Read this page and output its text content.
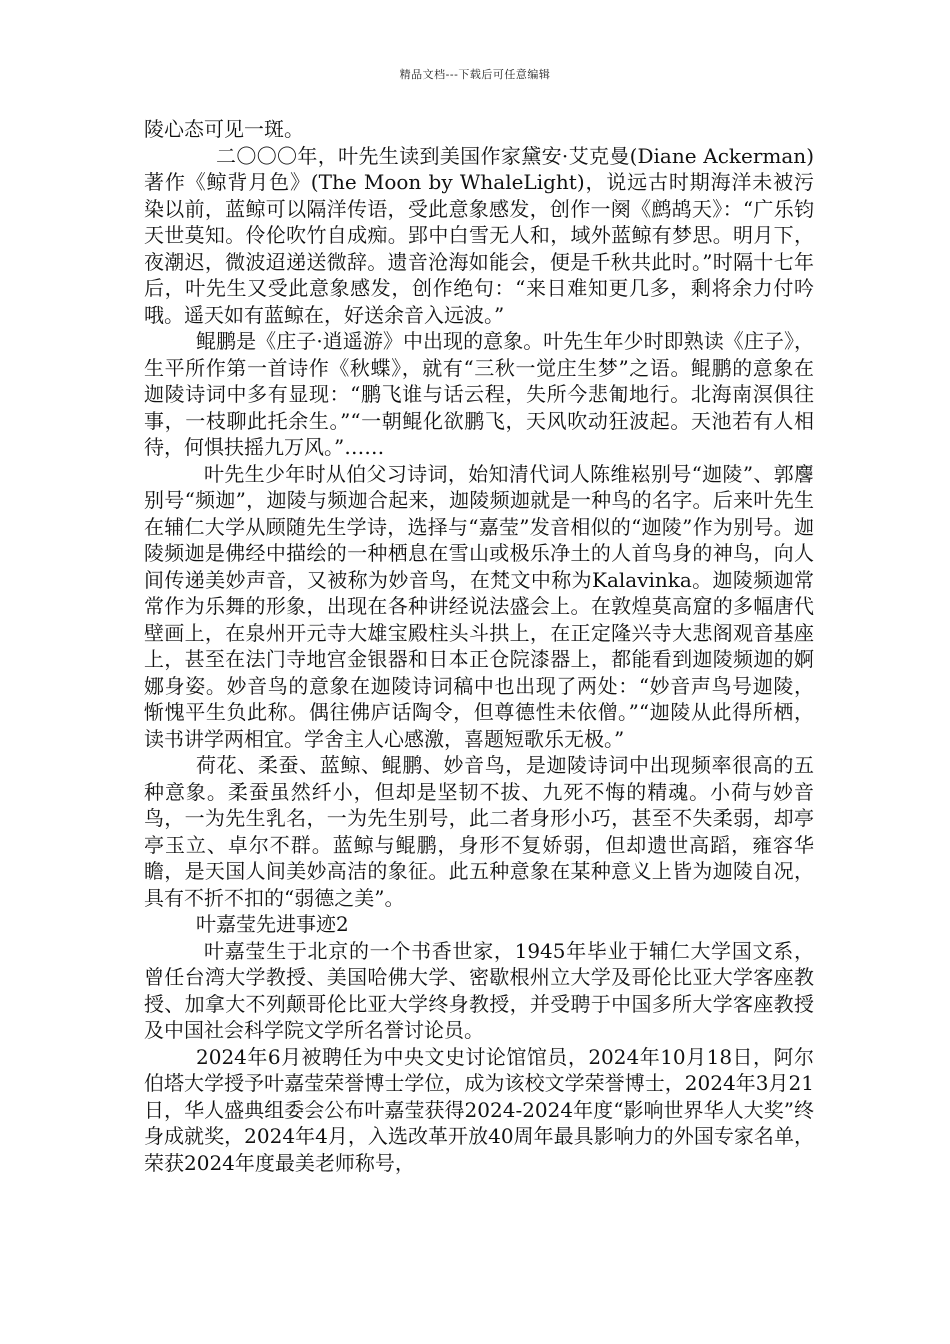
精品文档---下载后可任意编辑

陵心态可见一斑。

二〇〇〇年，叶先生读到美国作家黛安·艾克曼(Diane Ackerman)著作《鲸背月色》(The Moon by WhaleLight)，说远古时期海洋未被污染以前，蓝鲸可以隔洋传语，受此意象感发，创作一阕《鹧鸪天》：“广乐钧天世莫知。伶伦吹竹自成痴。郢中白雪无人和，域外蓝鲸有梦思。明月下，夜潮迟，微波迢递送微辞。遗音沧海如能会，便是千秋共此时。”时隔十七年后，叶先生又受此意象感发，创作绝句：“来日难知更几多，剩将余力付吟哦。遥天如有蓝鲸在，好送余音入远波。”

鲲鹏是《庄子·逍遥游》中出现的意象。叶先生年少时即熟读《庄子》，生平所作第一首诗作《秋蝶》，就有“三秋一觉庄生梦”之语。鲲鹏的意象在迦陵诗词中多有显现：“鹏飞谁与话云程，失所今悲匍地行。北海南溟俱往事，一枝聊此托余生。”“一朝鲲化欲鹏飞，天风吹动狂波起。天池若有人相待，何惧扶摇九万风。”……

叶先生少年时从伯父习诗词，始知清代词人陈维崧别号“迦陵”、郭麐别号“频迦”，迦陵与频迦合起来，迦陵频迦就是一种鸟的名字。后来叶先生在辅仁大学从顾随先生学诗，选择与“嘉莹”发音相似的“迦陵”作为别号。迦陵频迦是佛经中描绘的一种栖息在雪山或极乐净土的人首鸟身的神鸟，向人间传递美妙声音，又被称为妙音鸟，在梵文中称为Kalavinka。迦陵频迦常常作为乐舞的形象，出现在各种讲经说法盛会上。在敦煌莫高窟的多幅唐代壁画上，在泉州开元寺大雄宝殿柱头斗拱上，在正定隆兴寺大悲阁观音基座上，甚至在法门寺地宫金银器和日本正仓院漆器上，都能看到迦陵频迦的婀娜身姿。妙音鸟的意象在迦陵诗词稿中也出现了两处：“妙音声鸟号迦陵，惭愧平生负此称。偶往佛庐话陶令，但尊德性未依僧。”“迦陵从此得所栖，读书讲学两相宜。学舍主人心感激，喜题短歌乐无极。”

荷花、柔蚕、蓝鲸、鲲鹏、妙音鸟，是迦陵诗词中出现频率很高的五种意象。柔蚕虽然纤小，但却是坚韧不拔、九死不悔的精魂。小荷与妙音鸟，一为先生乳名，一为先生别号，此二者身形小巧，甚至不失柔弱，却亭亭玉立、卓尔不群。蓝鲸与鲲鹏，身形不复娇弱，但却遗世高蹈，雍容华瞻，是天国人间美妙高洁的象征。此五种意象在某种意义上皆为迦陵自况，具有不折不扣的“弱德之美”。

叶嘉莹先进事迹2

叶嘉莹生于北京的一个书香世家，1945年毕业于辅仁大学国文系，曾任台湾大学教授、美国哈佛大学、密歇根州立大学及哥伦比亚大学客座教授、加拿大不列颠哥伦比亚大学终身教授，并受聘于中国多所大学客座教授及中国社会科学院文学所名誉讨论员。

2024年6月被聘任为中央文史讨论馆馆员，2024年10月18日，阿尔伯塔大学授予叶嘉莹荣誉博士学位，成为该校文学荣誉博士，2024年3月21日，华人盛典组委会公布叶嘉莹获得2024-2024年度“影响世界华人大奖”终身成就奖，2024年4月，入选改革开放40周年最具影响力的外国专家名单，荣获2024年度最美老师称号，
